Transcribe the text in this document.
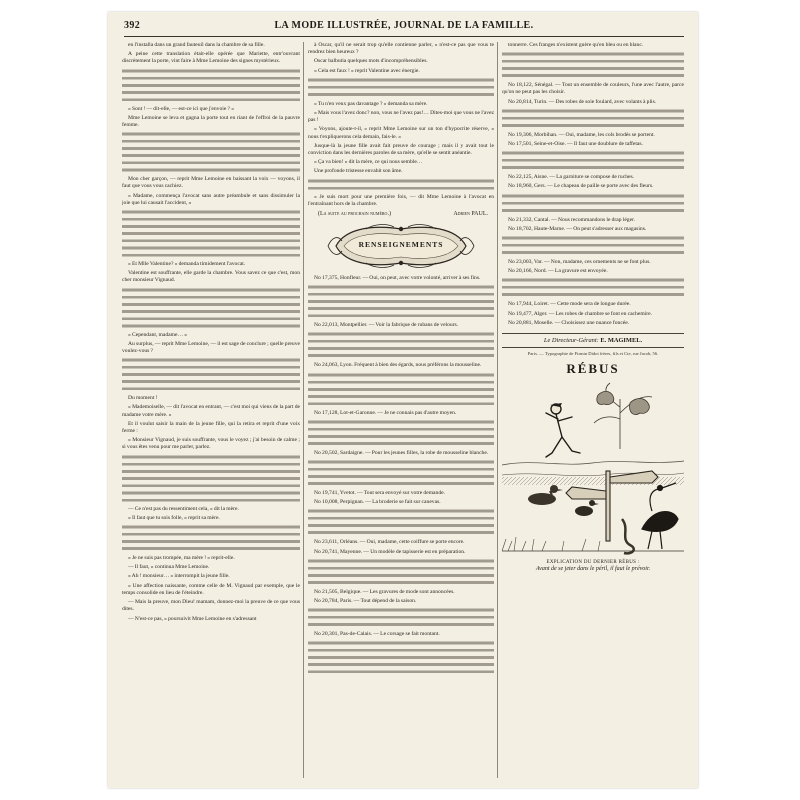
392	LA MODE ILLUSTRÉE, JOURNAL DE LA FAMILLE.

en l'installa dans un grand fauteuil dans la chambre de sa fille.

A peine cette translation était-elle opérée que Mariette, entr'ouvrant discrètement la porte, vint faire à Mme Lemoine des signes mystérieux.

« Sont ! — dit-elle, — est-ce ici que j'envoie ? »

Mme Lemoine se leva et gagna la porte tout en riant de l'effroi de la pauvre femme.

Mon cher garçon, — reprit Mme Lemoine en baissant la voix — voyons, il faut que vous vous cachiez.

« Madame, commença l'avocat sans autre préambule et sans dissimuler la joie que lui causait l'accident, »

« Et Mlle Valentine? » demanda timidement l'avocat.

Valentine est souffrante, elle garde la chambre. Vous savez ce que c'est, mon cher monsieur Vignaud.

« Cependant, madame… »

Au surplus, — reprit Mme Lemoine, — il est sage de conclure ; quelle preuve voulez-vous ?

Du moment !

« Mademoiselle, — dit l'avocat en entrant, — c'est moi qui viens de la part de madame votre mère. »

Et il voulut saisir la main de la jeune fille, qui la retira et reprit d'une voix ferme :

« Monsieur Vignaud, je suis souffrante, vous le voyez ; j'ai besoin de calme ; si vous êtes venu pour me parler, parlez.

— Ce n'est pas du ressentiment cela, » dit la mère.

« Il faut que tu sois folle, » reprit sa mère.

« Je ne suis pas trompée, ma mère ! » reprit-elle.

— Il faut, » continua Mme Lemoine.

« Ah ! monsieur… » interrompit la jeune fille.

« Une affection naissante, comme celle de M. Vignaud par exemple, que le temps consolide en lieu de l'éteindre.

— Mais la preuve, mon Dieu! mamam, donnez-moi la preuve de ce que vous dites.

— N'est-ce pas, » poursuivit Mme Lemoine en s'adressant

à Oscar, qu'il ne serait trop qu'elle contienne parler, » n'est-ce pas que vous te rendrez bien heureux ?

Oscar balbutia quelques mots d'incompréhensibles.

« Cela est faux ! » reprit Valentine avec énergie.

« Tu n'en veux pas davantage ? » demanda sa mère.

« Mais vous l'avez donc? non, vous ne l'avez pas!… Dites-moi que vous ne l'avez pas !

« Voyons, ajoute-t-il, » reprit Mme Lemoine sur un ton d'hypocrite réserve, « nous t'expliquerons cela demain, fais-le. »

Jusque-là la jeune fille avait fait preuve de courage ; mais il y avait tout le conviction dans les dernières paroles de sa mère, qu'elle se sentit anéantie.

« Ça va bien! » dit la mère, ce qui nous semble…

Une profonde tristesse envahit son âme.

« Je suis mort pour une première fois, — dit Mme Lemoine à l'avocat en l'entraînant hors de la chambre.

(La suite au prochain numéro.)	Adrien PAUL.
RENSEIGNEMENTS

No 17,375, Honfleur. — Oui, on peut, avec votre volonté, arriver à ses fins.

No 22,013, Montpellier. — Voir la fabrique de rubans de velours.

No 24,063, Lyon. Fréquent à bien des égards, nous préférons la mousseline.

No 17,128, Lot-et-Garonne. — Je ne connais pas d'autre moyen.

No 20,502, Sardaigne. — Pour les jeunes filles, la robe de mousseline blanche.

No 19,741, Yvetot. — Tout sera envoyé sur votre demande.

No 10,008, Perpignan. — La broderie se fait sur canevas.

No 23,611, Orléans. — Oui, madame, cette coiffure se porte encore.

No 20,741, Mayenne. — Un modèle de tapisserie est en préparation.

No 21,505, Belgique. — Les gravures de mode sont annoncées.

No 20,784, Paris. — Tout dépend de la saison.

No 20,301, Pas-de-Calais. — Le corsage se fait montant.

tonnerre. Ces franges n'existent guère qu'en bleu ou en blanc.

No 18,122, Sénégal. — Tout un ensemble de couleurs, l'une avec l'autre, parce qu'on ne peut pas les choisir.

No 20,814, Turin. — Des robes de soie foulard, avec volants à plis.

No 19,306, Morbihan. — Oui, madame, les cols brodés se portent.

No 17,501, Seine-et-Oise. — Il faut une doublure de taffetas.

No 22,125, Aisne. — La garniture se compose de ruches.

No 18,960, Gers. — Le chapeau de paille se porte avec des fleurs.

No 21,332, Cantal. — Nous recommandons le drap léger.

No 18,702, Haute-Marne. — On peut s'adresser aux magasins.

No 23,003, Var. — Non, madame, ces ornements ne se font plus.

No 20,166, Nord. — La gravure est envoyée.

No 17,944, Loiret. — Cette mode sera de longue durée.

No 19,477, Alger. — Les robes de chambre se font en cachemire.

No 20,881, Moselle. — Choisissez une nuance foncée.

Le Directeur-Gérant: E. MAGIMEL.
Paris. — Typographie de Firmin Didot frères, fils et Cie, rue Jacob, 56.
RÉBUS
EXPLICATION DU DERNIER RÉBUS :
Avant de se jeter dans le péril, il faut le prévoir.
